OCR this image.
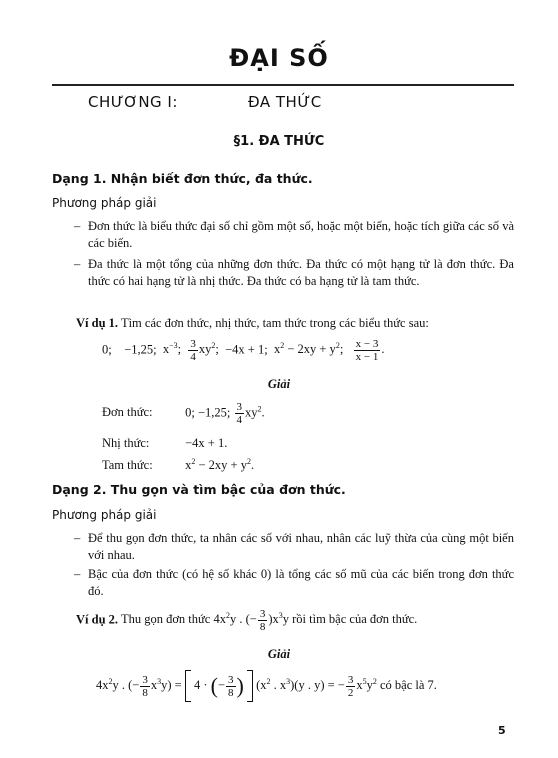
ĐẠI SỐ
CHƯƠNG I:	ĐA THỨC
§1. ĐA THỨC
Dạng 1. Nhận biết đơn thức, đa thức.
Phương pháp giải
– Đơn thức là biểu thức đại số chỉ gồm một số, hoặc một biến, hoặc tích giữa các số và các biến.
– Đa thức là một tổng của những đơn thức. Đa thức có một hạng tử là đơn thức. Đa thức có hai hạng tử là nhị thức. Đa thức có ba hạng tử là tam thức.
Ví dụ 1. Tìm các đơn thức, nhị thức, tam thức trong các biểu thức sau:
0; −1,25; $x^{-3}$; $\frac{3}{4} xy^2$; −4x + 1; $x^2 - 2xy + y^2$; $\frac{x - 3}{x - 1}$ .
Giải
Đơn thức:	0; −1,25; $\frac{3}{4} xy^2$.
Nhị thức:	−4x + 1.
Tam thức:	$x^2 - 2xy + y^2$.
Dạng 2. Thu gọn và tìm bậc của đơn thức.
Phương pháp giải
– Để thu gọn đơn thức, ta nhân các số với nhau, nhân các luỹ thừa của cùng một biến với nhau.
– Bậc của đơn thức (có hệ số khác 0) là tổng các số mũ của các biến trong đơn thức đó.
Ví dụ 2. Thu gọn đơn thức $4x^2y$ . (− $\frac{3}{8} )x^3y$ rồi tìm bậc của đơn thức.
Giải
$4x^2y$ . (− $\frac{3}{8} x^3y) = 4$ · (− $\frac{3}{8}$ ) ($x^2$ . $x^3)(y$ . y) = − $\frac{3}{2} x^5y^2$ có bậc là 7.
5
